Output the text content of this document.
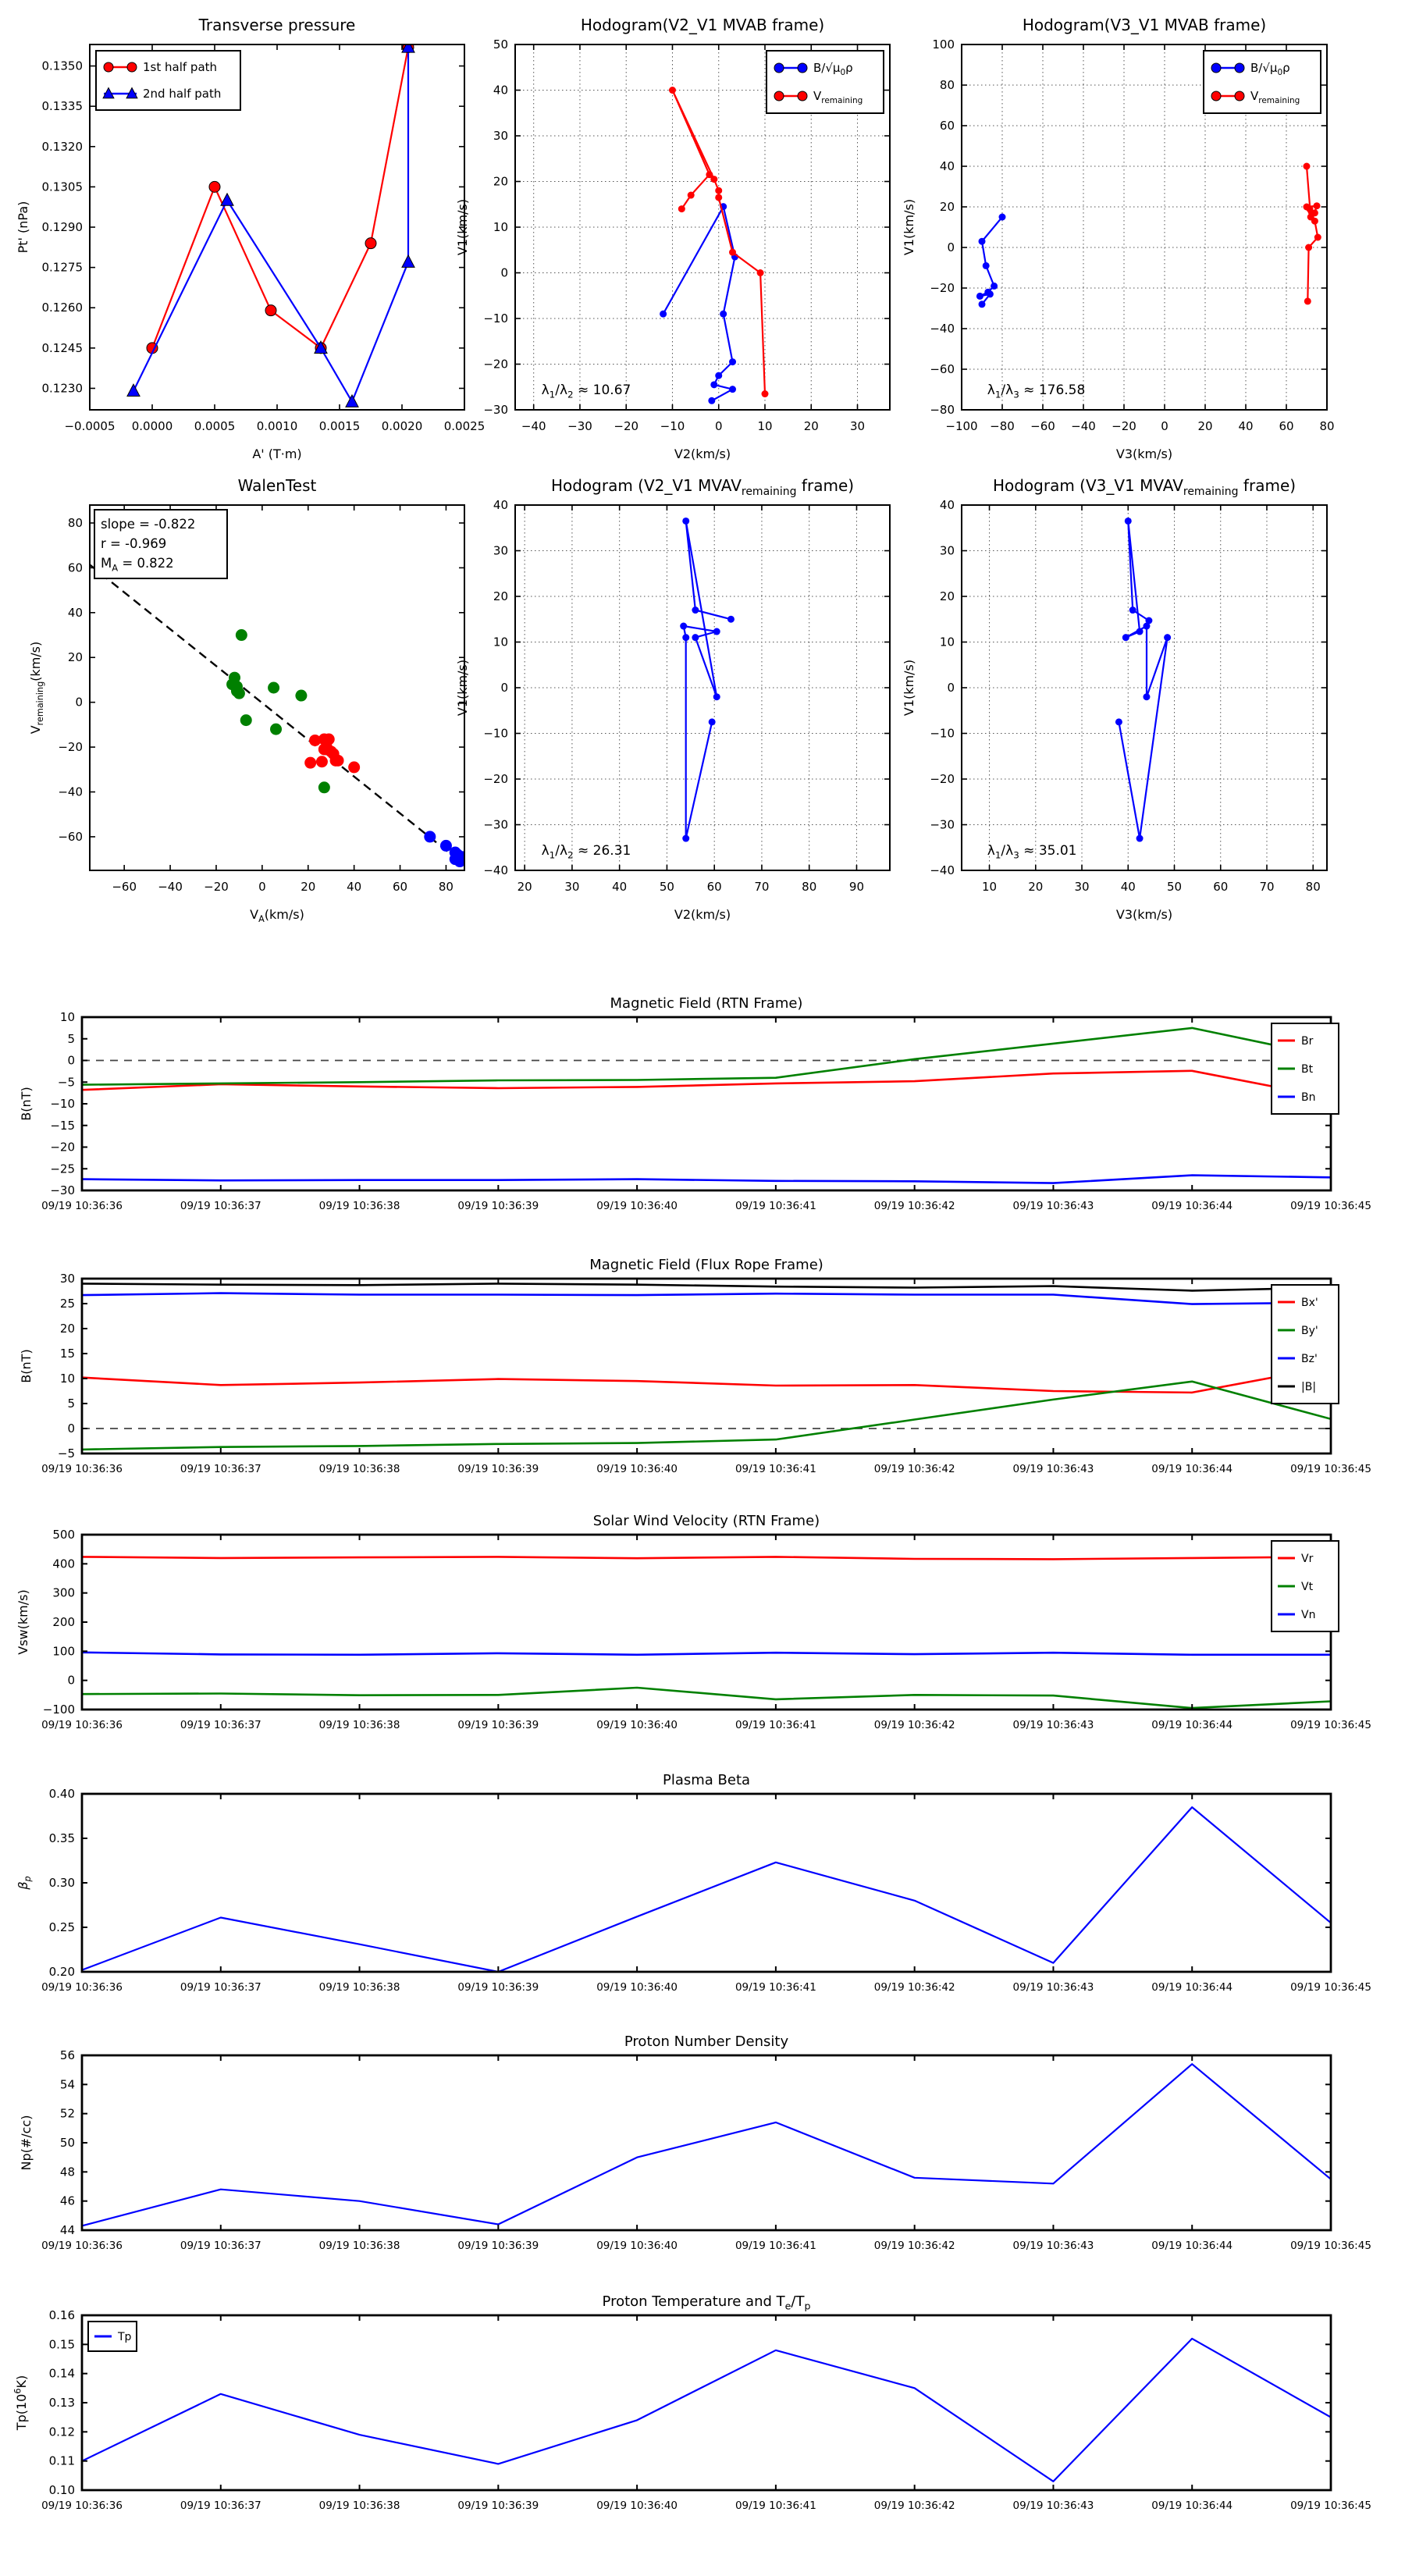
−0.0005 0.0000 0.0005 0.0010 0.0015 0.0020 0.0025
0.1230
0.1245
0.1260
0.1275
0.1290
0.1305
0.1320
0.1335
0.1350
Transverse pressure
A' (T·m)
Pt' (nPa)
1st half path
2nd half path
−40 −30 −20 −10	0	10	20	30
−30
−20
−10
0
10
20
30
40
50
Hodogram(V2_V1 MVAB frame)
V2(km/s)
V1(km/s)
$\lambda_1/\lambda_2 \approx 10.67$
$B/√\mu_0\rho$
$V_{remaining}$
−100 −80 −60 −40 −20 0	20 40 60 80
−80
−60
−40
−20
0
20
40
60
80
100
Hodogram(V3_V1 MVAB frame)
V3(km/s)
V1(km/s)
$\lambda_1/\lambda_3 \approx 176.58$
$B/√\mu_0\rho$
$V_{remaining}$
−60 −40 −20	0	20	40	60	80
−60
−40
−20
0
20
40
60
80
WalenTest
$V_A(km/s)$
$V_{remaining}(km/s)$
slope = -0.822
r = -0.969
$M_A = 0.822$
20	30	40	50	60	70	80	90
−40
−30
−20
−10
0
10
20
30
40
Hodogram (V2_V1 $MVAV_{remaining}$ frame)
V2(km/s)
V1(km/s)
$\lambda_1/\lambda_2 \approx 26.31$
10	20	30	40	50	60	70	80
−40
−30
−20
−10
0
10
20
30
40
Hodogram (V3_V1 $MVAV_{remaining}$ frame)
V3(km/s)
V1(km/s)
$\lambda_1/\lambda_3 \approx 35.01$
09/19 10:36:36	09/19 10:36:37	09/19 10:36:38	09/19 10:36:39	09/19 10:36:40	09/19 10:36:41	09/19 10:36:42	09/19 10:36:43	09/19 10:36:44	09/19 10:36:45
−30
−25
−20
−15
−10
−5
0
5
10
Magnetic Field (RTN Frame)
B(nT)
Br
Bt
Bn
09/19 10:36:36	09/19 10:36:37	09/19 10:36:38	09/19 10:36:39	09/19 10:36:40	09/19 10:36:41	09/19 10:36:42	09/19 10:36:43	09/19 10:36:44	09/19 10:36:45
−5
0
5
10
15
20
25
30
Magnetic Field (Flux Rope Frame)
B(nT)
Bx'
By'
Bz'
|B|
09/19 10:36:36	09/19 10:36:37	09/19 10:36:38	09/19 10:36:39	09/19 10:36:40	09/19 10:36:41	09/19 10:36:42	09/19 10:36:43	09/19 10:36:44	09/19 10:36:45
−100
0
100
200
300
400
500
Solar Wind Velocity (RTN Frame)
Vsw(km/s)
Vr
Vt
Vn
09/19 10:36:36	09/19 10:36:37	09/19 10:36:38	09/19 10:36:39	09/19 10:36:40	09/19 10:36:41	09/19 10:36:42	09/19 10:36:43	09/19 10:36:44	09/19 10:36:45
0.20
0.25
0.30
0.35
0.40
Plasma Beta
$\beta_p$
09/19 10:36:36	09/19 10:36:37	09/19 10:36:38	09/19 10:36:39	09/19 10:36:40	09/19 10:36:41	09/19 10:36:42	09/19 10:36:43	09/19 10:36:44	09/19 10:36:45
44
46
48
50
52
54
56
Proton Number Density
Np(#/cc)
09/19 10:36:36	09/19 10:36:37	09/19 10:36:38	09/19 10:36:39	09/19 10:36:40	09/19 10:36:41	09/19 10:36:42	09/19 10:36:43	09/19 10:36:44	09/19 10:36:45
0.10
0.11
0.12
0.13
0.14
0.15
0.16
Proton Temperature and $T_e/T_p$
$Tp(10^6K)$
Tp
